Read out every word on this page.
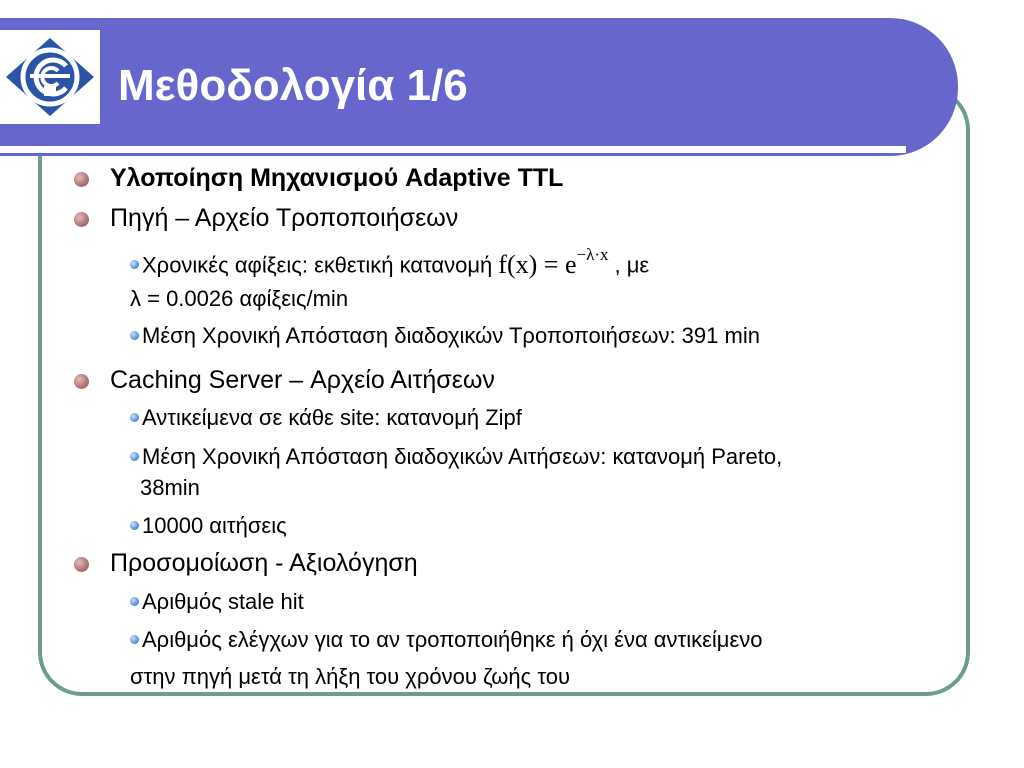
Μεθοδολογία 1/6
Υλοποίηση Μηχανισμού Adaptive TTL
Πηγή – Αρχείο Τροποποιήσεων
Χρονικές αφίξεις: εκθετική κατανομή $f(x) = e^{-\lambda\cdot x}$ , με
λ = 0.0026 αφίξεις/min
Μέση Χρονική Απόσταση διαδοχικών Τροποποιήσεων: 391 min
Caching Server – Αρχείο Αιτήσεων
Αντικείμενα σε κάθε site: κατανομή Zipf
Μέση Χρονική Απόσταση διαδοχικών Αιτήσεων: κατανομή Pareto,
38min
10000 αιτήσεις
Προσομοίωση - Αξιολόγηση
Αριθμός stale hit
Αριθμός ελέγχων για το αν τροποποιήθηκε ή όχι ένα αντικείμενο
στην πηγή μετά τη λήξη του χρόνου ζωής του
